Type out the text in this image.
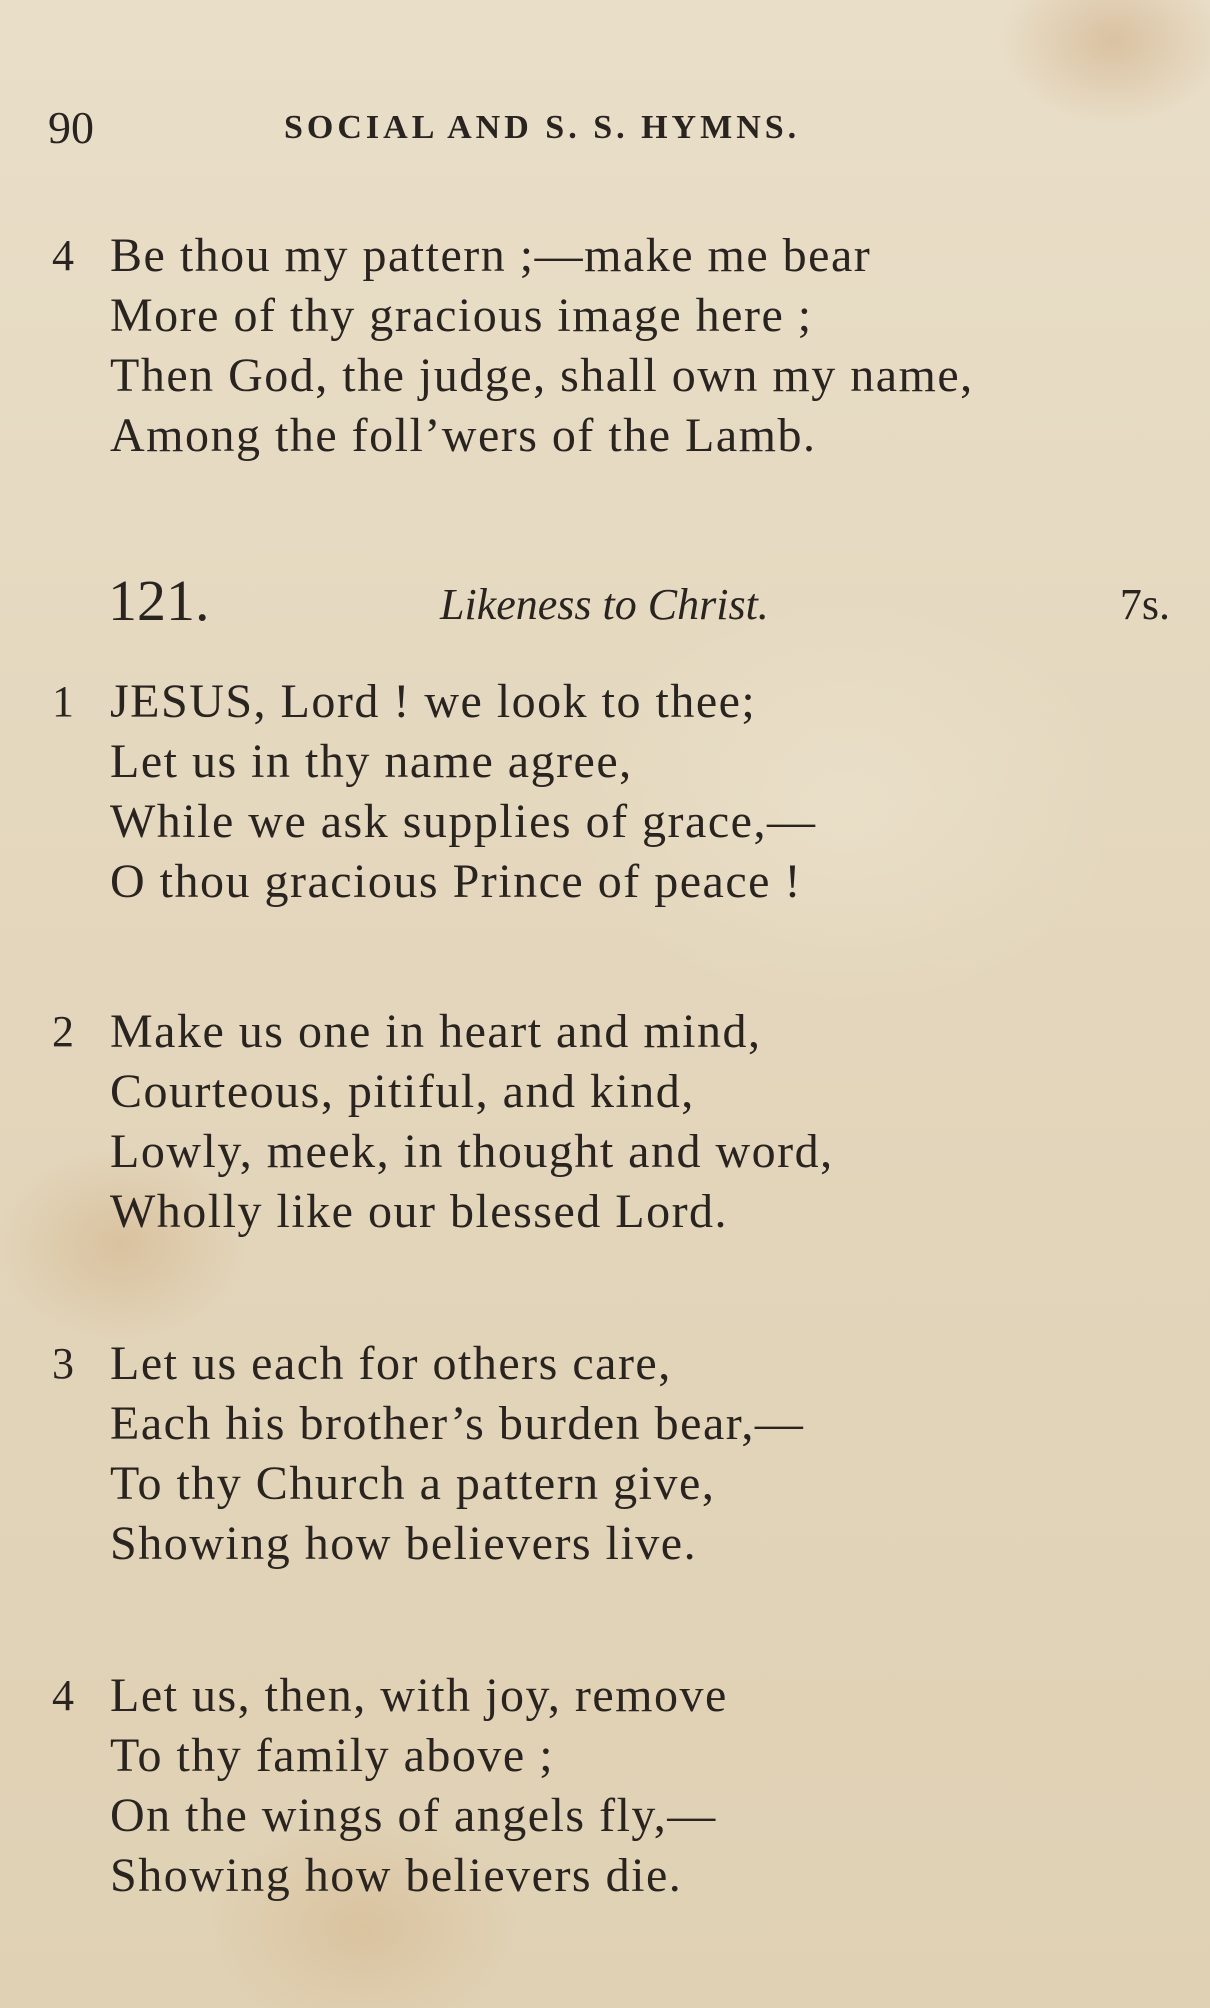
90	SOCIAL AND S. S. HYMNS.
4 Be thou my pattern ;—make me bear
More of thy gracious image here ;
Then God, the judge, shall own my name,
Among the foll’wers of the Lamb.
121.	Likeness to Christ.	7s.
1 JESUS, Lord ! we look to thee;
Let us in thy name agree,
While we ask supplies of grace,—
O thou gracious Prince of peace !
2 Make us one in heart and mind,
Courteous, pitiful, and kind,
Lowly, meek, in thought and word,
Wholly like our blessed Lord.
3 Let us each for others care,
Each his brother’s burden bear,—
To thy Church a pattern give,
Showing how believers live.
4 Let us, then, with joy, remove
To thy family above ;
On the wings of angels fly,—
Showing how believers die.
